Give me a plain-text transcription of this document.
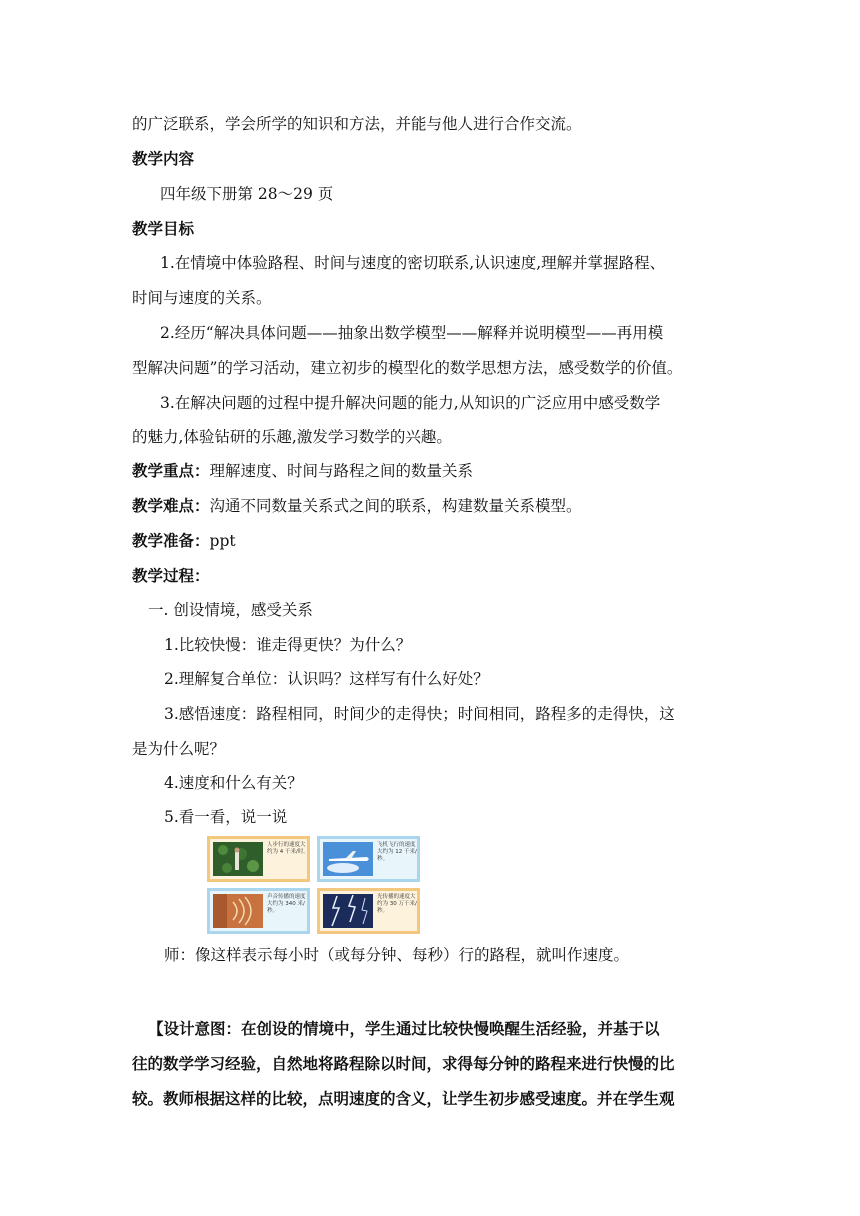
的广泛联系，学会所学的知识和方法，并能与他人进行合作交流。
教学内容
四年级下册第 28～29 页
教学目标
1.在情境中体验路程、时间与速度的密切联系,认识速度,理解并掌握路程、
时间与速度的关系。
2.经历“解决具体问题——抽象出数学模型——解释并说明模型——再用模
型解决问题”的学习活动，建立初步的模型化的数学思想方法，感受数学的价值。
3.在解决问题的过程中提升解决问题的能力,从知识的广泛应用中感受数学
的魅力,体验钻研的乐趣,激发学习数学的兴趣。
教学重点：理解速度、时间与路程之间的数量关系
教学难点：沟通不同数量关系式之间的联系，构建数量关系模型。
教学准备：ppt
教学过程：
一. 创设情境，感受关系
1.比较快慢：谁走得更快？为什么？
2.理解复合单位：认识吗？这样写有什么好处？
3.感悟速度：路程相同，时间少的走得快；时间相同，路程多的走得快，这
是为什么呢？
4.速度和什么有关？
5.看一看，说一说
人步行的速度大约为 4 千米/时。
飞机飞行的速度大约为 12 千米/秒。
声音传播的速度大约为 340 米/秒。
光传播的速度大约为 30 万千米/秒。
师：像这样表示每小时（或每分钟、每秒）行的路程，就叫作速度。
【设计意图：在创设的情境中，学生通过比较快慢唤醒生活经验，并基于以
往的数学学习经验，自然地将路程除以时间，求得每分钟的路程来进行快慢的比
较。教师根据这样的比较，点明速度的含义，让学生初步感受速度。并在学生观
